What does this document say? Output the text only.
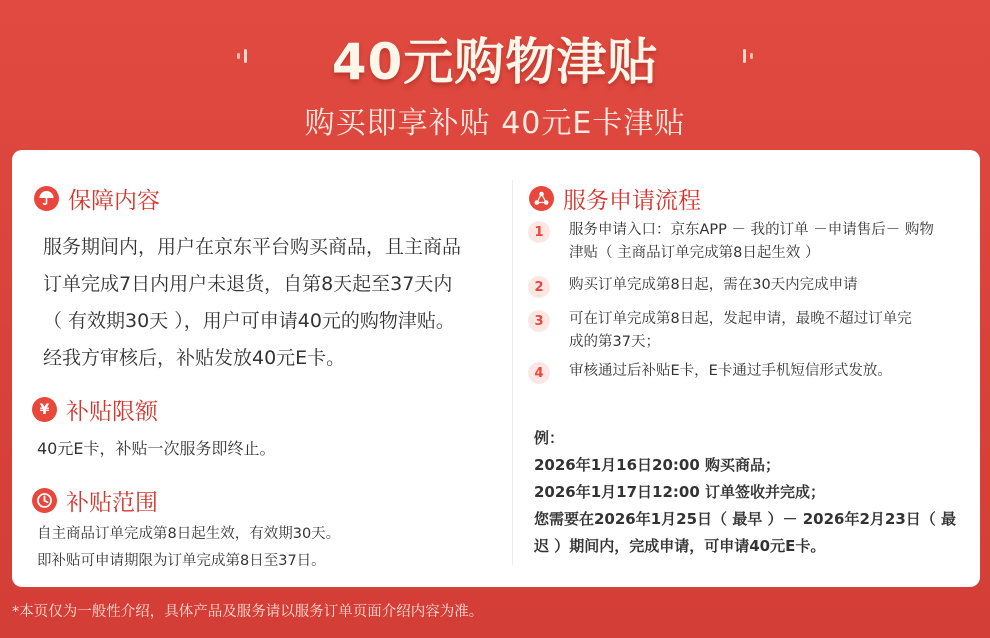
40元购物津贴
购买即享补贴 40元E卡津贴
保障内容
服务期间内，用户在京东平台购买商品，且主商品
订单完成7日内用户未退货，自第8天起至37天内
（ 有效期30天 ），用户可申请40元的购物津贴。
经我方审核后，补贴发放40元E卡。
¥ 补贴限额
40元E卡，补贴一次服务即终止。
补贴范围
自主商品订单完成第8日起生效，有效期30天。
即补贴可申请期限为订单完成第8日至37日。
服务申请流程
1	服务申请入口：京东APP － 我的订单 －申请售后－ 购物
津贴（ 主商品订单完成第8日起生效 ）
2	购买订单完成第8日起，需在30天内完成申请
3	可在订单完成第8日起，发起申请，最晚不超过订单完
成的第37天；
4	审核通过后补贴E卡，E卡通过手机短信形式发放。
例：
2026年1月16日20:00 购买商品；
2026年1月17日12:00 订单签收并完成；
您需要在2026年1月25日（ 最早 ）－ 2026年2月23日（ 最
迟 ）期间内，完成申请，可申请40元E卡。
*本页仅为一般性介绍，具体产品及服务请以服务订单页面介绍内容为准。
